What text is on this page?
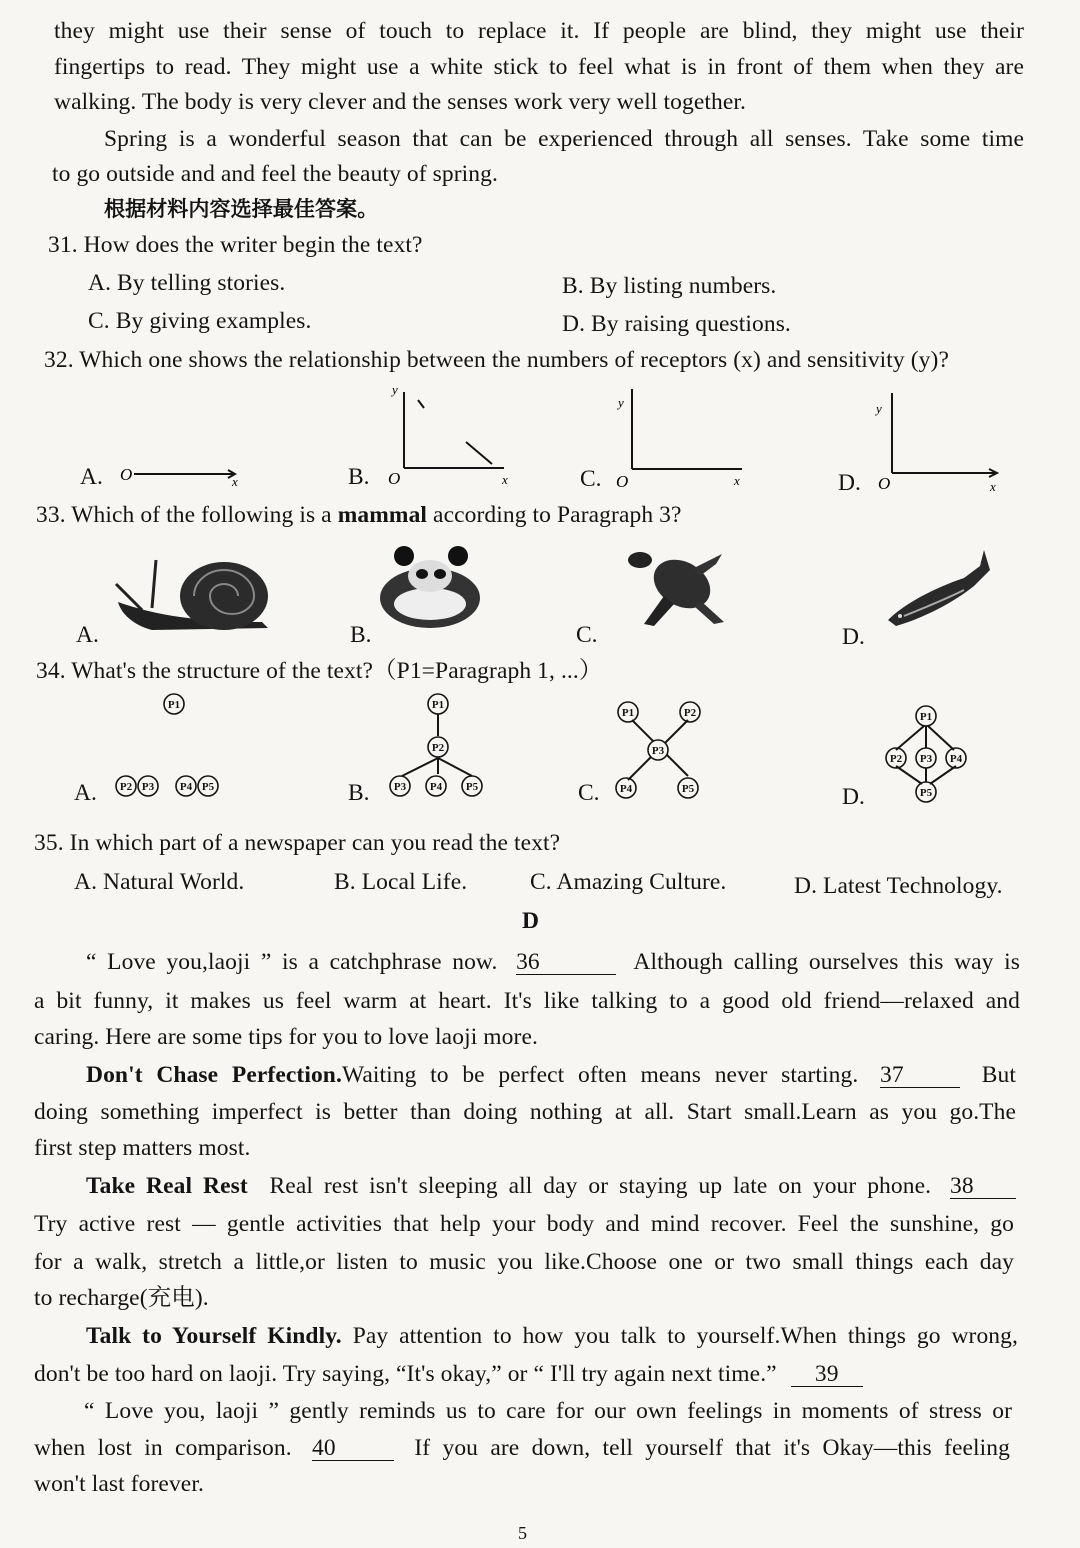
they might use their sense of touch to replace it. If people are blind, they might use their
fingertips to read. They might use a white stick to feel what is in front of them when they are
walking. The body is very clever and the senses work very well together.
Spring is a wonderful season that can be experienced through all senses. Take some time
to go outside and and feel the beauty of spring.
根据材料内容选择最佳答案。
31. How does the writer begin the text?
A. By telling stories.	B. By listing numbers.
C. By giving examples.	D. By raising questions.
32. Which one shows the relationship between the numbers of receptors (x) and sensitivity (y)?
A. O	x	B.
y
O	x	C.
y
O	x	D.
y
O	x
33. Which of the following is a mammal according to Paragraph 3?
A.	B.	C.	D.
34. What's the structure of the text?（P1=Paragraph 1, ...）
A.
P1
P2 P3 P4 P5	B.
P1
P2
P3 P4 P5	C.
P1	P2
P3
P4	P5	D.
P1
P2 P3 P4
P5
35. In which part of a newspaper can you read the text?
A. Natural World.	B. Local Life.	C. Amazing Culture.	D. Latest Technology.
D
“ Love you,laoji ” is a catchphrase now. 36	Although calling ourselves this way is
a bit funny, it makes us feel warm at heart. It's like talking to a good old friend—relaxed and
caring. Here are some tips for you to love laoji more.
Don't Chase Perfection.Waiting to be perfect often means never starting. 37	But
doing something imperfect is better than doing nothing at all. Start small.Learn as you go.The
first step matters most.
Take Real Rest Real rest isn't sleeping all day or staying up late on your phone. 38
Try active rest — gentle activities that help your body and mind recover. Feel the sunshine, go
for a walk, stretch a little,or listen to music you like.Choose one or two small things each day
to recharge(充电).
Talk to Yourself Kindly. Pay attention to how you talk to yourself.When things go wrong,
don't be too hard on laoji. Try saying, “It's okay,” or “ I'll try again next time.” 39
“ Love you, laoji ” gently reminds us to care for our own feelings in moments of stress or
when lost in comparison. 40	If you are down, tell yourself that it's Okay—this feeling
won't last forever.
5
